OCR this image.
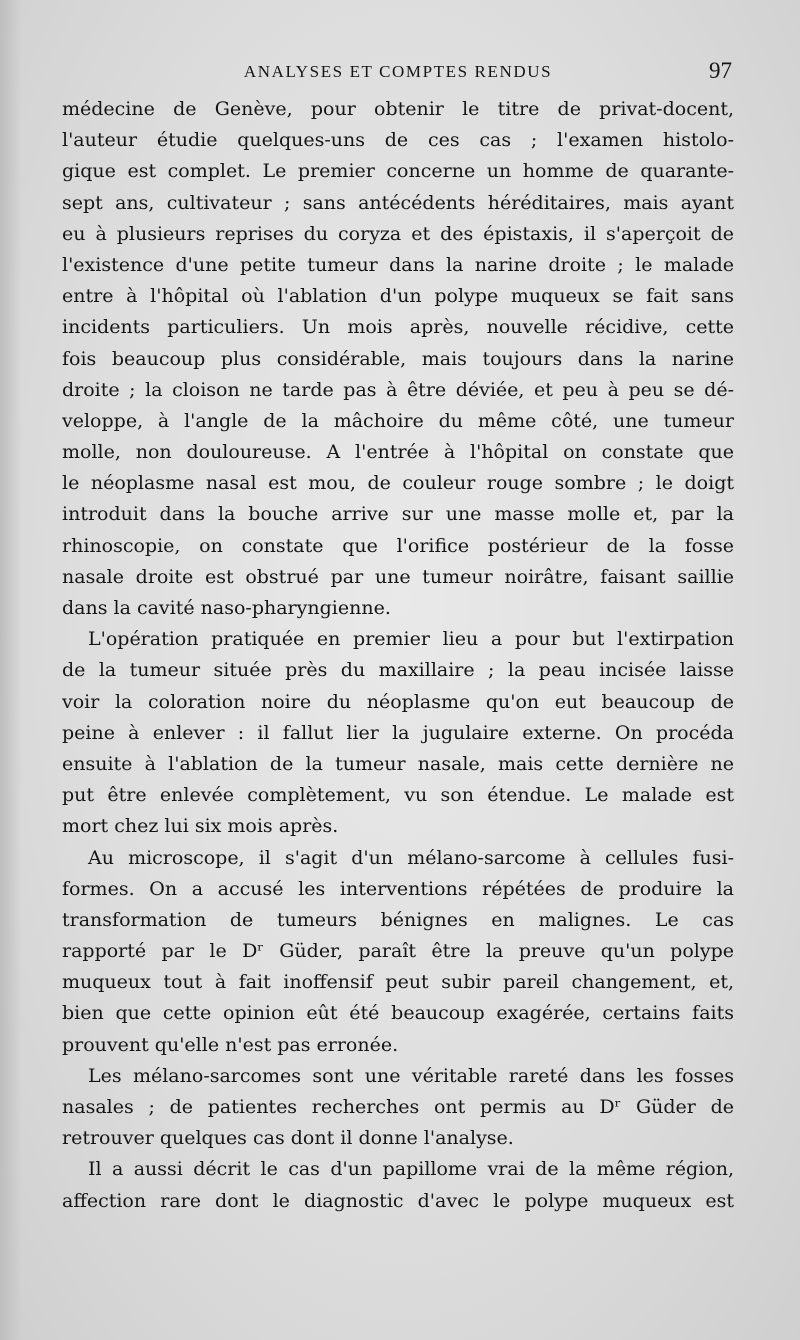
ANALYSES ET COMPTES RENDUS	97
médecine de Genève, pour obtenir le titre de privat-docent,
l'auteur étudie quelques-uns de ces cas ; l'examen histolo-
gique est complet. Le premier concerne un homme de quarante-
sept ans, cultivateur ; sans antécédents héréditaires, mais ayant
eu à plusieurs reprises du coryza et des épistaxis, il s'aperçoit de
l'existence d'une petite tumeur dans la narine droite ; le malade
entre à l'hôpital où l'ablation d'un polype muqueux se fait sans
incidents particuliers. Un mois après, nouvelle récidive, cette
fois beaucoup plus considérable, mais toujours dans la narine
droite ; la cloison ne tarde pas à être déviée, et peu à peu se dé-
veloppe, à l'angle de la mâchoire du même côté, une tumeur
molle, non douloureuse. A l'entrée à l'hôpital on constate que
le néoplasme nasal est mou, de couleur rouge sombre ; le doigt
introduit dans la bouche arrive sur une masse molle et, par la
rhinoscopie, on constate que l'orifice postérieur de la fosse
nasale droite est obstrué par une tumeur noirâtre, faisant saillie
dans la cavité naso-pharyngienne.
L'opération pratiquée en premier lieu a pour but l'extirpation
de la tumeur située près du maxillaire ; la peau incisée laisse
voir la coloration noire du néoplasme qu'on eut beaucoup de
peine à enlever : il fallut lier la jugulaire externe. On procéda
ensuite à l'ablation de la tumeur nasale, mais cette dernière ne
put être enlevée complètement, vu son étendue. Le malade est
mort chez lui six mois après.
Au microscope, il s'agit d'un mélano-sarcome à cellules fusi-
formes. On a accusé les interventions répétées de produire la
transformation de tumeurs bénignes en malignes. Le cas
rapporté par le Dʳ Güder, paraît être la preuve qu'un polype
muqueux tout à fait inoffensif peut subir pareil changement, et,
bien que cette opinion eût été beaucoup exagérée, certains faits
prouvent qu'elle n'est pas erronée.
Les mélano-sarcomes sont une véritable rareté dans les fosses
nasales ; de patientes recherches ont permis au Dʳ Güder de
retrouver quelques cas dont il donne l'analyse.
Il a aussi décrit le cas d'un papillome vrai de la même région,
affection rare dont le diagnostic d'avec le polype muqueux est
